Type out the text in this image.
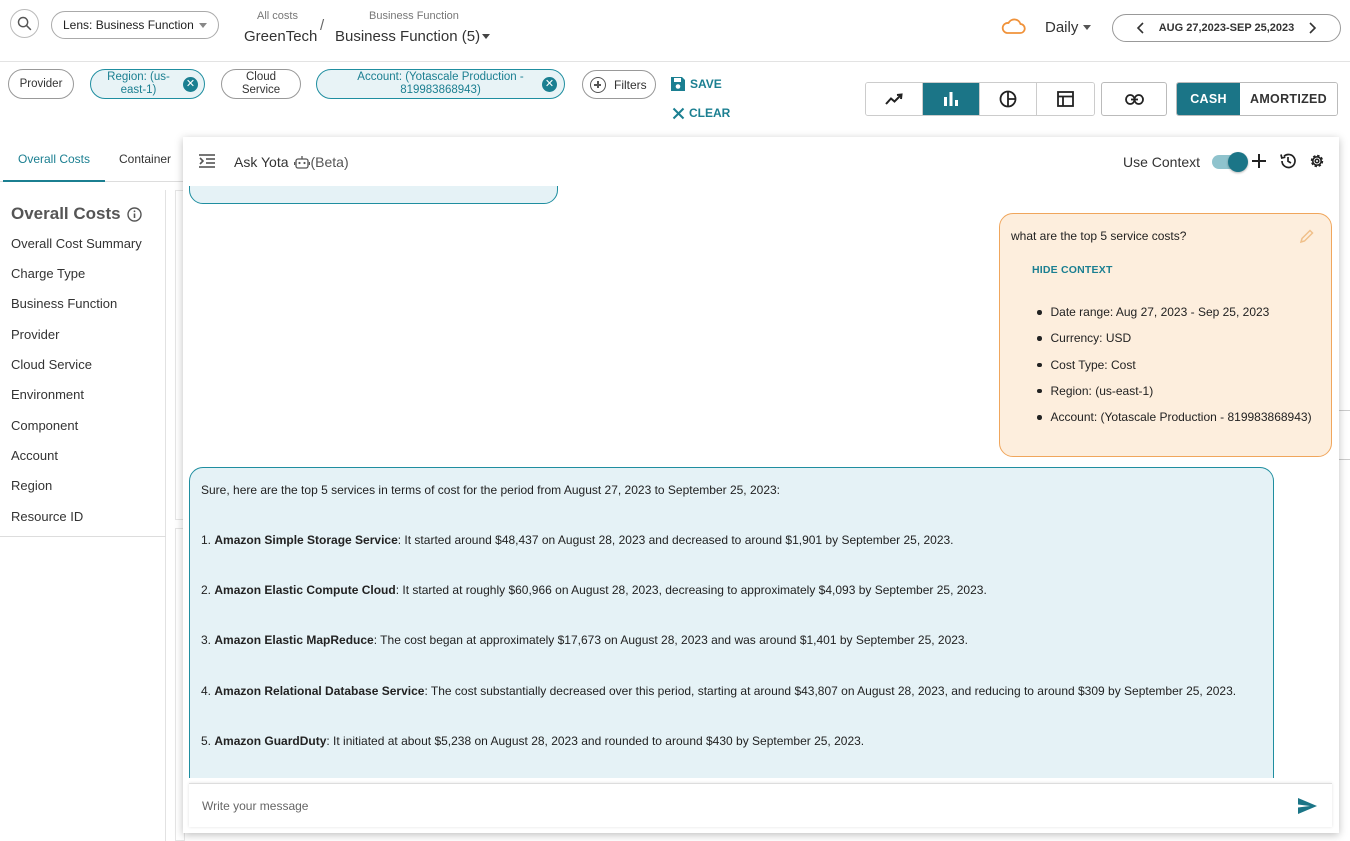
Lens: Business Function
All costs
GreenTech
/
Business Function
Business Function (5)
Daily	AUG 27,2023-SEP 25,2023
Provider
Region: (us-east-1)	✕
Cloud Service
Account: (Yotascale Production - 819983868943)	✕	Filters	SAVE
CLEAR
CASH	AMORTIZED
Overall Costs Container
Overall Costs
Overall Cost Summary
Charge Type
Business Function
Provider
Cloud Service
Environment
Component
Account
Region
Resource ID
Ask Yota (Beta)	Use Context
what are the top 5 service costs?
HIDE CONTEXT
Date range: Aug 27, 2023 - Sep 25, 2023
Currency: USD
Cost Type: Cost
Region: (us-east-1)
Account: (Yotascale Production - 819983868943)
Sure, here are the top 5 services in terms of cost for the period from August 27, 2023 to September 25, 2023:
1. Amazon Simple Storage Service: It started around $48,437 on August 28, 2023 and decreased to around $1,901 by September 25, 2023.
2. Amazon Elastic Compute Cloud: It started at roughly $60,966 on August 28, 2023, decreasing to approximately $4,093 by September 25, 2023.
3. Amazon Elastic MapReduce: The cost began at approximately $17,673 on August 28, 2023 and was around $1,401 by September 25, 2023.
4. Amazon Relational Database Service: The cost substantially decreased over this period, starting at around $43,807 on August 28, 2023, and reducing to around $309 by September 25, 2023.
5. Amazon GuardDuty: It initiated at about $5,238 on August 28, 2023 and rounded to around $430 by September 25, 2023.
Write your message
